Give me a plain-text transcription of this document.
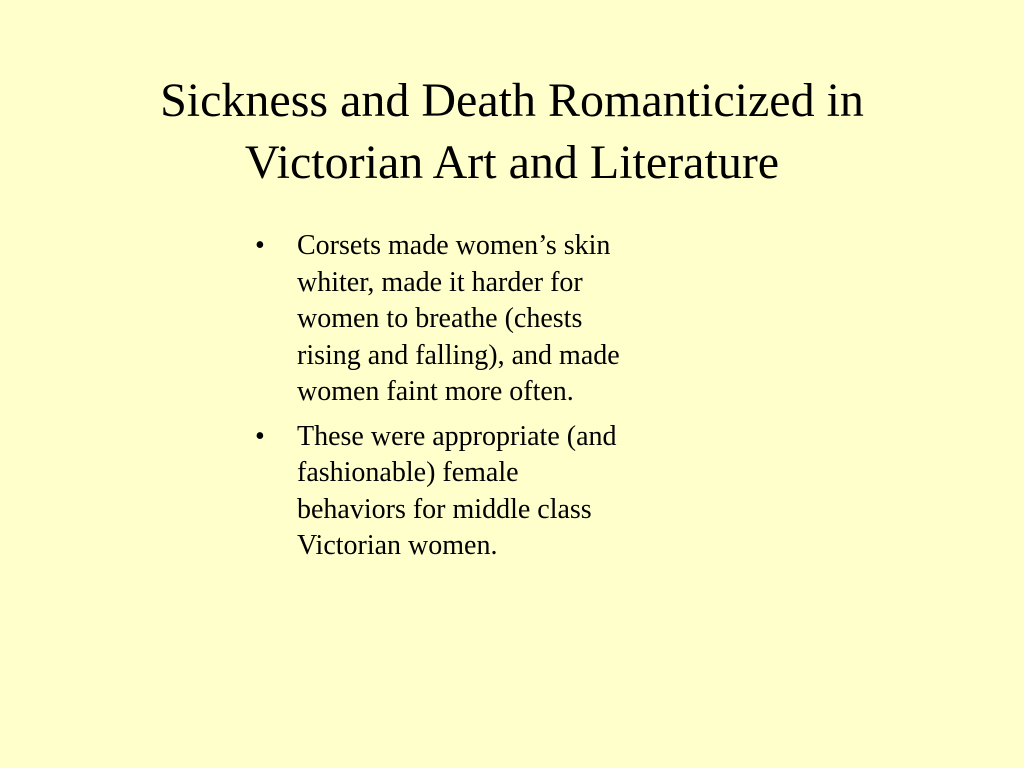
Sickness and Death Romanticized in
Victorian Art and Literature
• Corsets made women’s skin whiter, made it harder for women to breathe (chests rising and falling), and made women faint more often.
• These were appropriate (and fashionable) female behaviors for middle class Victorian women.
